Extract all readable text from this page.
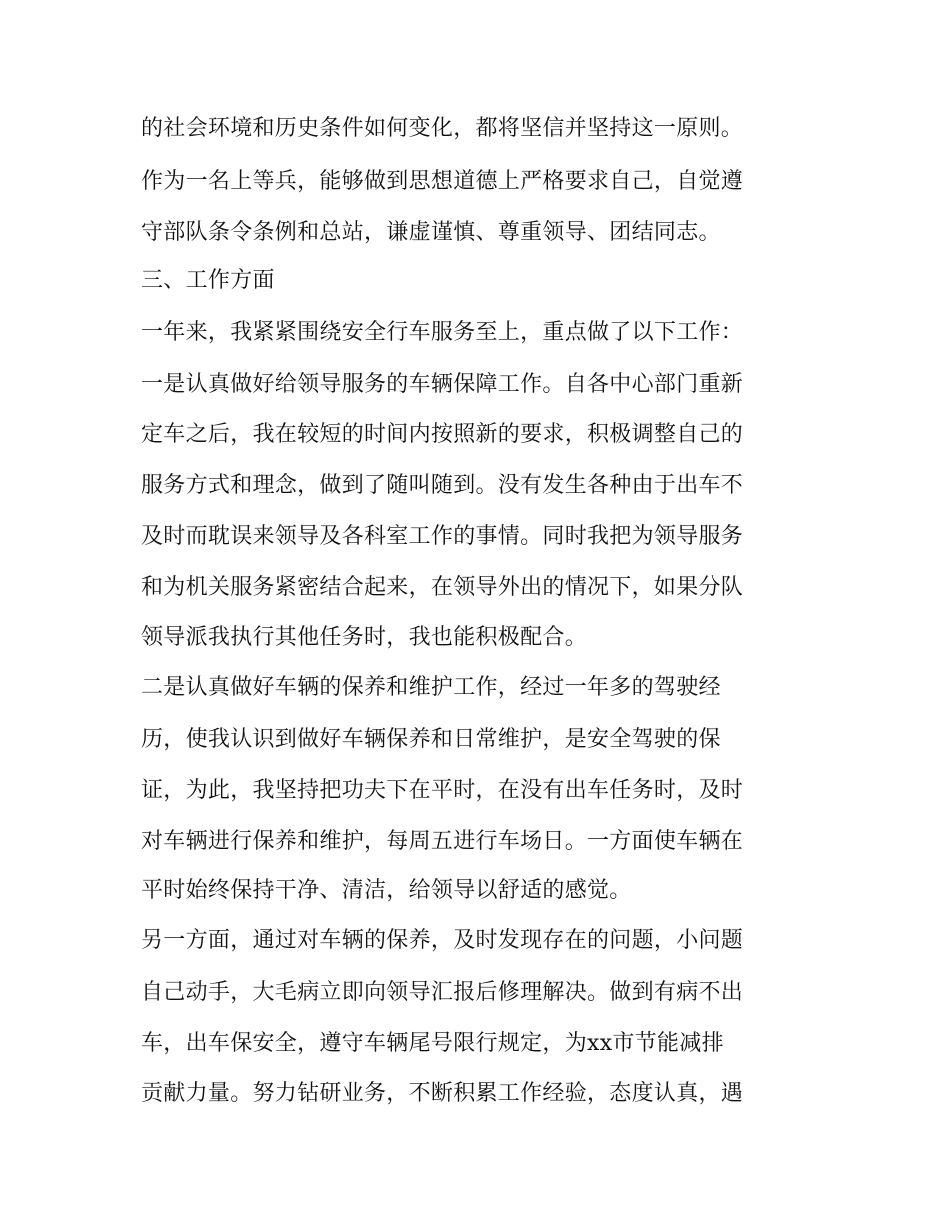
的社会环境和历史条件如何变化，都将坚信并坚持这一原则。
作为一名上等兵，能够做到思想道德上严格要求自己，自觉遵
守部队条令条例和总站，谦虚谨慎、尊重领导、团结同志。
三、工作方面
一年来，我紧紧围绕安全行车服务至上，重点做了以下工作：
一是认真做好给领导服务的车辆保障工作。自各中心部门重新
定车之后，我在较短的时间内按照新的要求，积极调整自己的
服务方式和理念，做到了随叫随到。没有发生各种由于出车不
及时而耽误来领导及各科室工作的事情。同时我把为领导服务
和为机关服务紧密结合起来，在领导外出的情况下，如果分队
领导派我执行其他任务时，我也能积极配合。
二是认真做好车辆的保养和维护工作，经过一年多的驾驶经
历，使我认识到做好车辆保养和日常维护，是安全驾驶的保
证，为此，我坚持把功夫下在平时，在没有出车任务时，及时
对车辆进行保养和维护，每周五进行车场日。一方面使车辆在
平时始终保持干净、清洁，给领导以舒适的感觉。
另一方面，通过对车辆的保养，及时发现存在的问题，小问题
自己动手，大毛病立即向领导汇报后修理解决。做到有病不出
车，出车保安全，遵守车辆尾号限行规定，为xx市节能减排
贡献力量。努力钻研业务，不断积累工作经验，态度认真，遇
